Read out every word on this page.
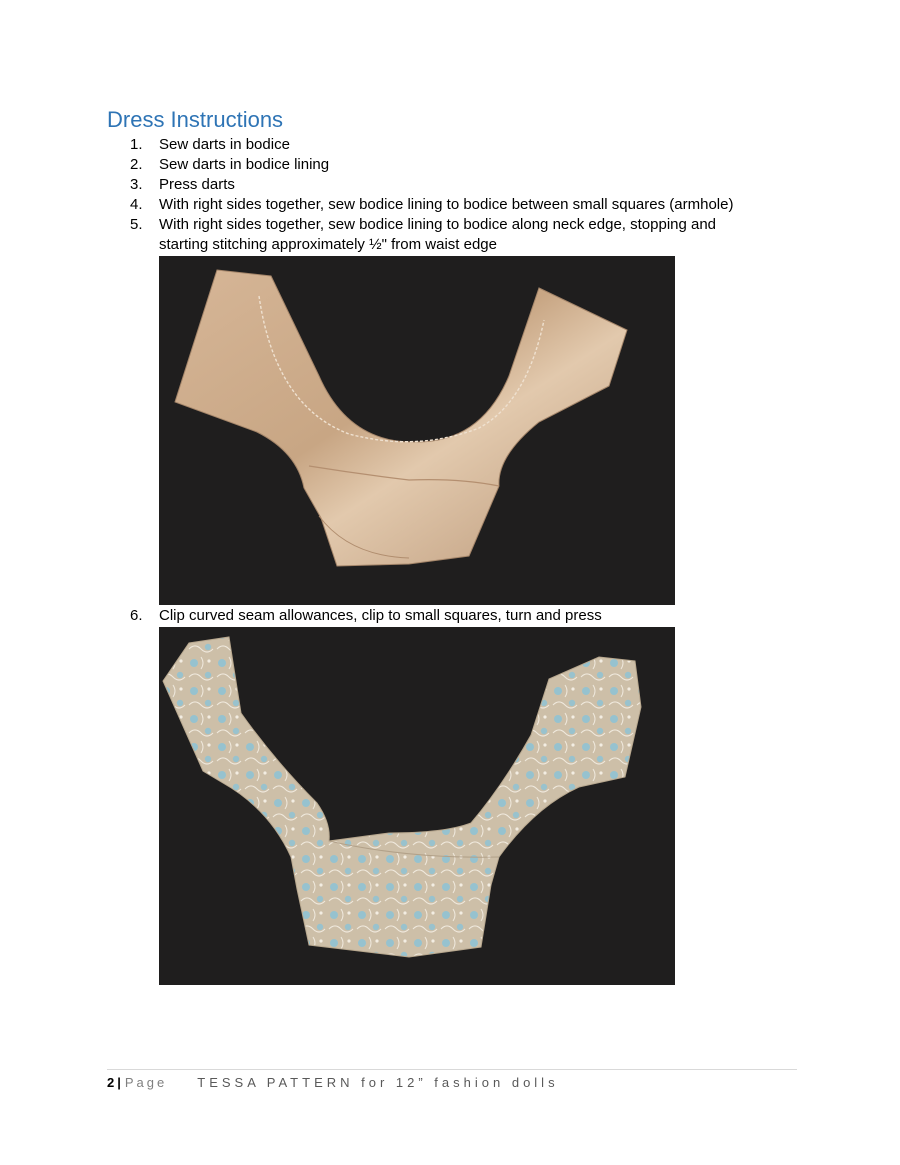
Dress Instructions
1.	Sew darts in bodice
2.	Sew darts in bodice lining
3.	Press darts
4.	With right sides together, sew bodice lining to bodice between small squares (armhole)
5.	With right sides together, sew bodice lining to bodice along neck edge, stopping and
starting stitching approximately ½" from waist edge
6.	Clip curved seam allowances, clip to small squares, turn and press
2 | Page TESSA PATTERN for 12” fashion dolls
